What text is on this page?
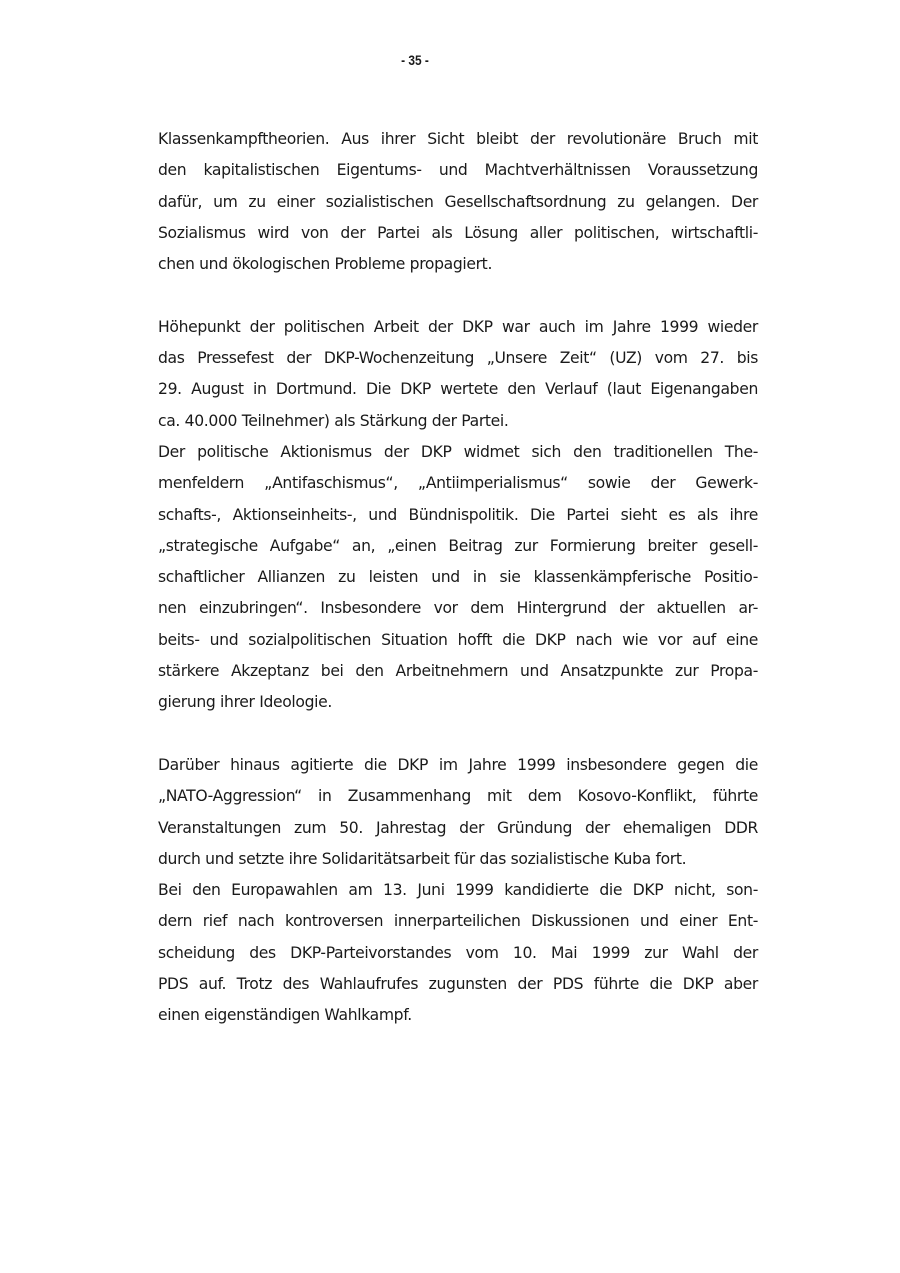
- 35 -

Klassenkampftheorien. Aus ihrer Sicht bleibt der revolutionäre Bruch mit
den kapitalistischen Eigentums- und Machtverhältnissen Voraussetzung
dafür, um zu einer sozialistischen Gesellschaftsordnung zu gelangen. Der
Sozialismus wird von der Partei als Lösung aller politischen, wirtschaftli-
chen und ökologischen Probleme propagiert.

Höhepunkt der politischen Arbeit der DKP war auch im Jahre 1999 wieder
das Pressefest der DKP-Wochenzeitung „Unsere Zeit“ (UZ) vom 27. bis
29. August in Dortmund. Die DKP wertete den Verlauf (laut Eigenangaben
ca. 40.000 Teilnehmer) als Stärkung der Partei.

Der politische Aktionismus der DKP widmet sich den traditionellen The-
menfeldern „Antifaschismus“, „Antiimperialismus“ sowie der Gewerk-
schafts-, Aktionseinheits-, und Bündnispolitik. Die Partei sieht es als ihre
„strategische Aufgabe“ an, „einen Beitrag zur Formierung breiter gesell-
schaftlicher Allianzen zu leisten und in sie klassenkämpferische Positio-
nen einzubringen“. Insbesondere vor dem Hintergrund der aktuellen ar-
beits- und sozialpolitischen Situation hofft die DKP nach wie vor auf eine
stärkere Akzeptanz bei den Arbeitnehmern und Ansatzpunkte zur Propa-
gierung ihrer Ideologie.

Darüber hinaus agitierte die DKP im Jahre 1999 insbesondere gegen die
„NATO-Aggression“ in Zusammenhang mit dem Kosovo-Konflikt, führte
Veranstaltungen zum 50. Jahrestag der Gründung der ehemaligen DDR
durch und setzte ihre Solidaritätsarbeit für das sozialistische Kuba fort.

Bei den Europawahlen am 13. Juni 1999 kandidierte die DKP nicht, son-
dern rief nach kontroversen innerparteilichen Diskussionen und einer Ent-
scheidung des DKP-Parteivorstandes vom 10. Mai 1999 zur Wahl der
PDS auf. Trotz des Wahlaufrufes zugunsten der PDS führte die DKP aber
einen eigenständigen Wahlkampf.
